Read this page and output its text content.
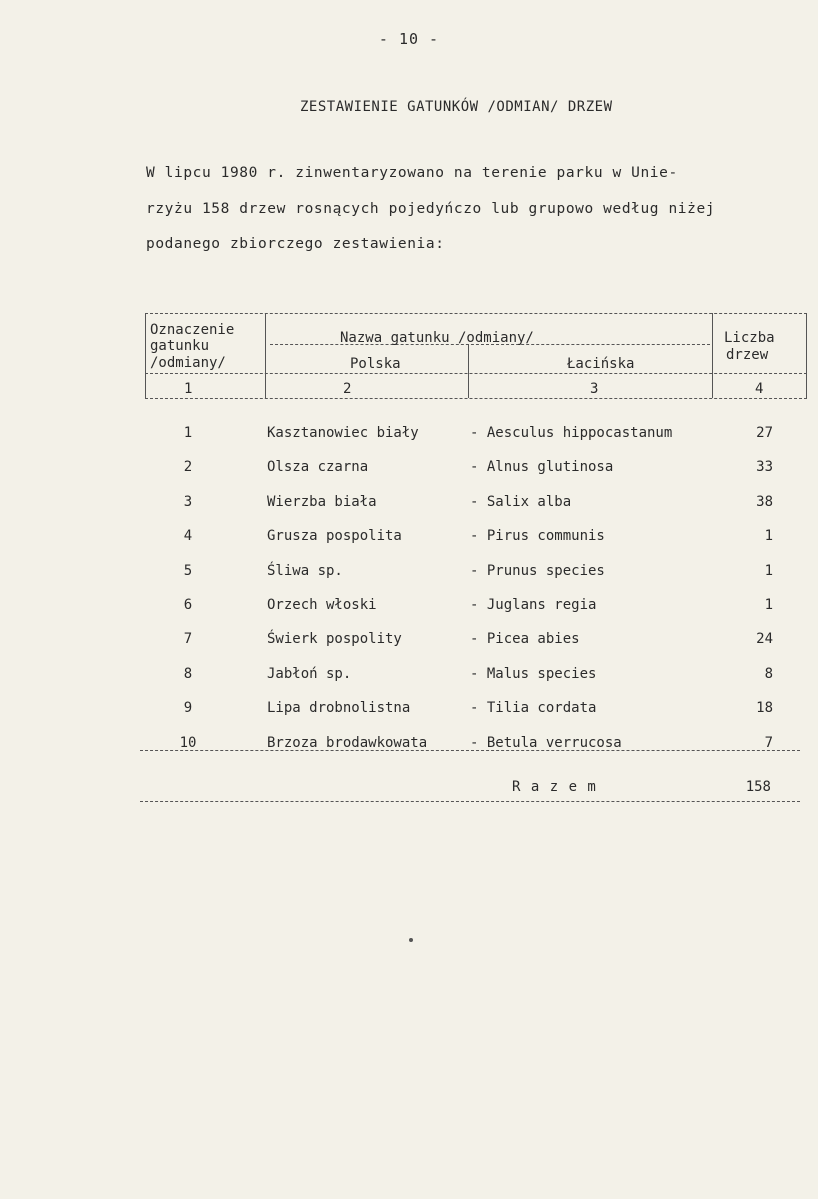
- 10 -
ZESTAWIENIE GATUNKÓW /ODMIAN/ DRZEW
W lipcu 1980 r. zinwentaryzowano na terenie parku w Unie-
rzyżu 158 drzew rosnących pojedyńczo lub grupowo według niżej
podanego zbiorczego zestawienia:
Oznaczenie
gatunku
/odmiany/
Nazwa gatunku /odmiany/
Polska	Łacińska
Liczba
drzew
1	2	3	4
1	Kasztanowiec biały	- Aesculus hippocastanum	27
2	Olsza czarna	- Alnus glutinosa	33
3	Wierzba biała	- Salix alba	38
4	Grusza pospolita	- Pirus communis	1
5	Śliwa sp.	- Prunus species	1
6	Orzech włoski	- Juglans regia	1
7	Świerk pospolity	- Picea abies	24
8	Jabłoń sp.	- Malus species	8
9	Lipa drobnolistna	- Tilia cordata	18
10	Brzoza brodawkowata	- Betula verrucosa	7
R a z e m	158
